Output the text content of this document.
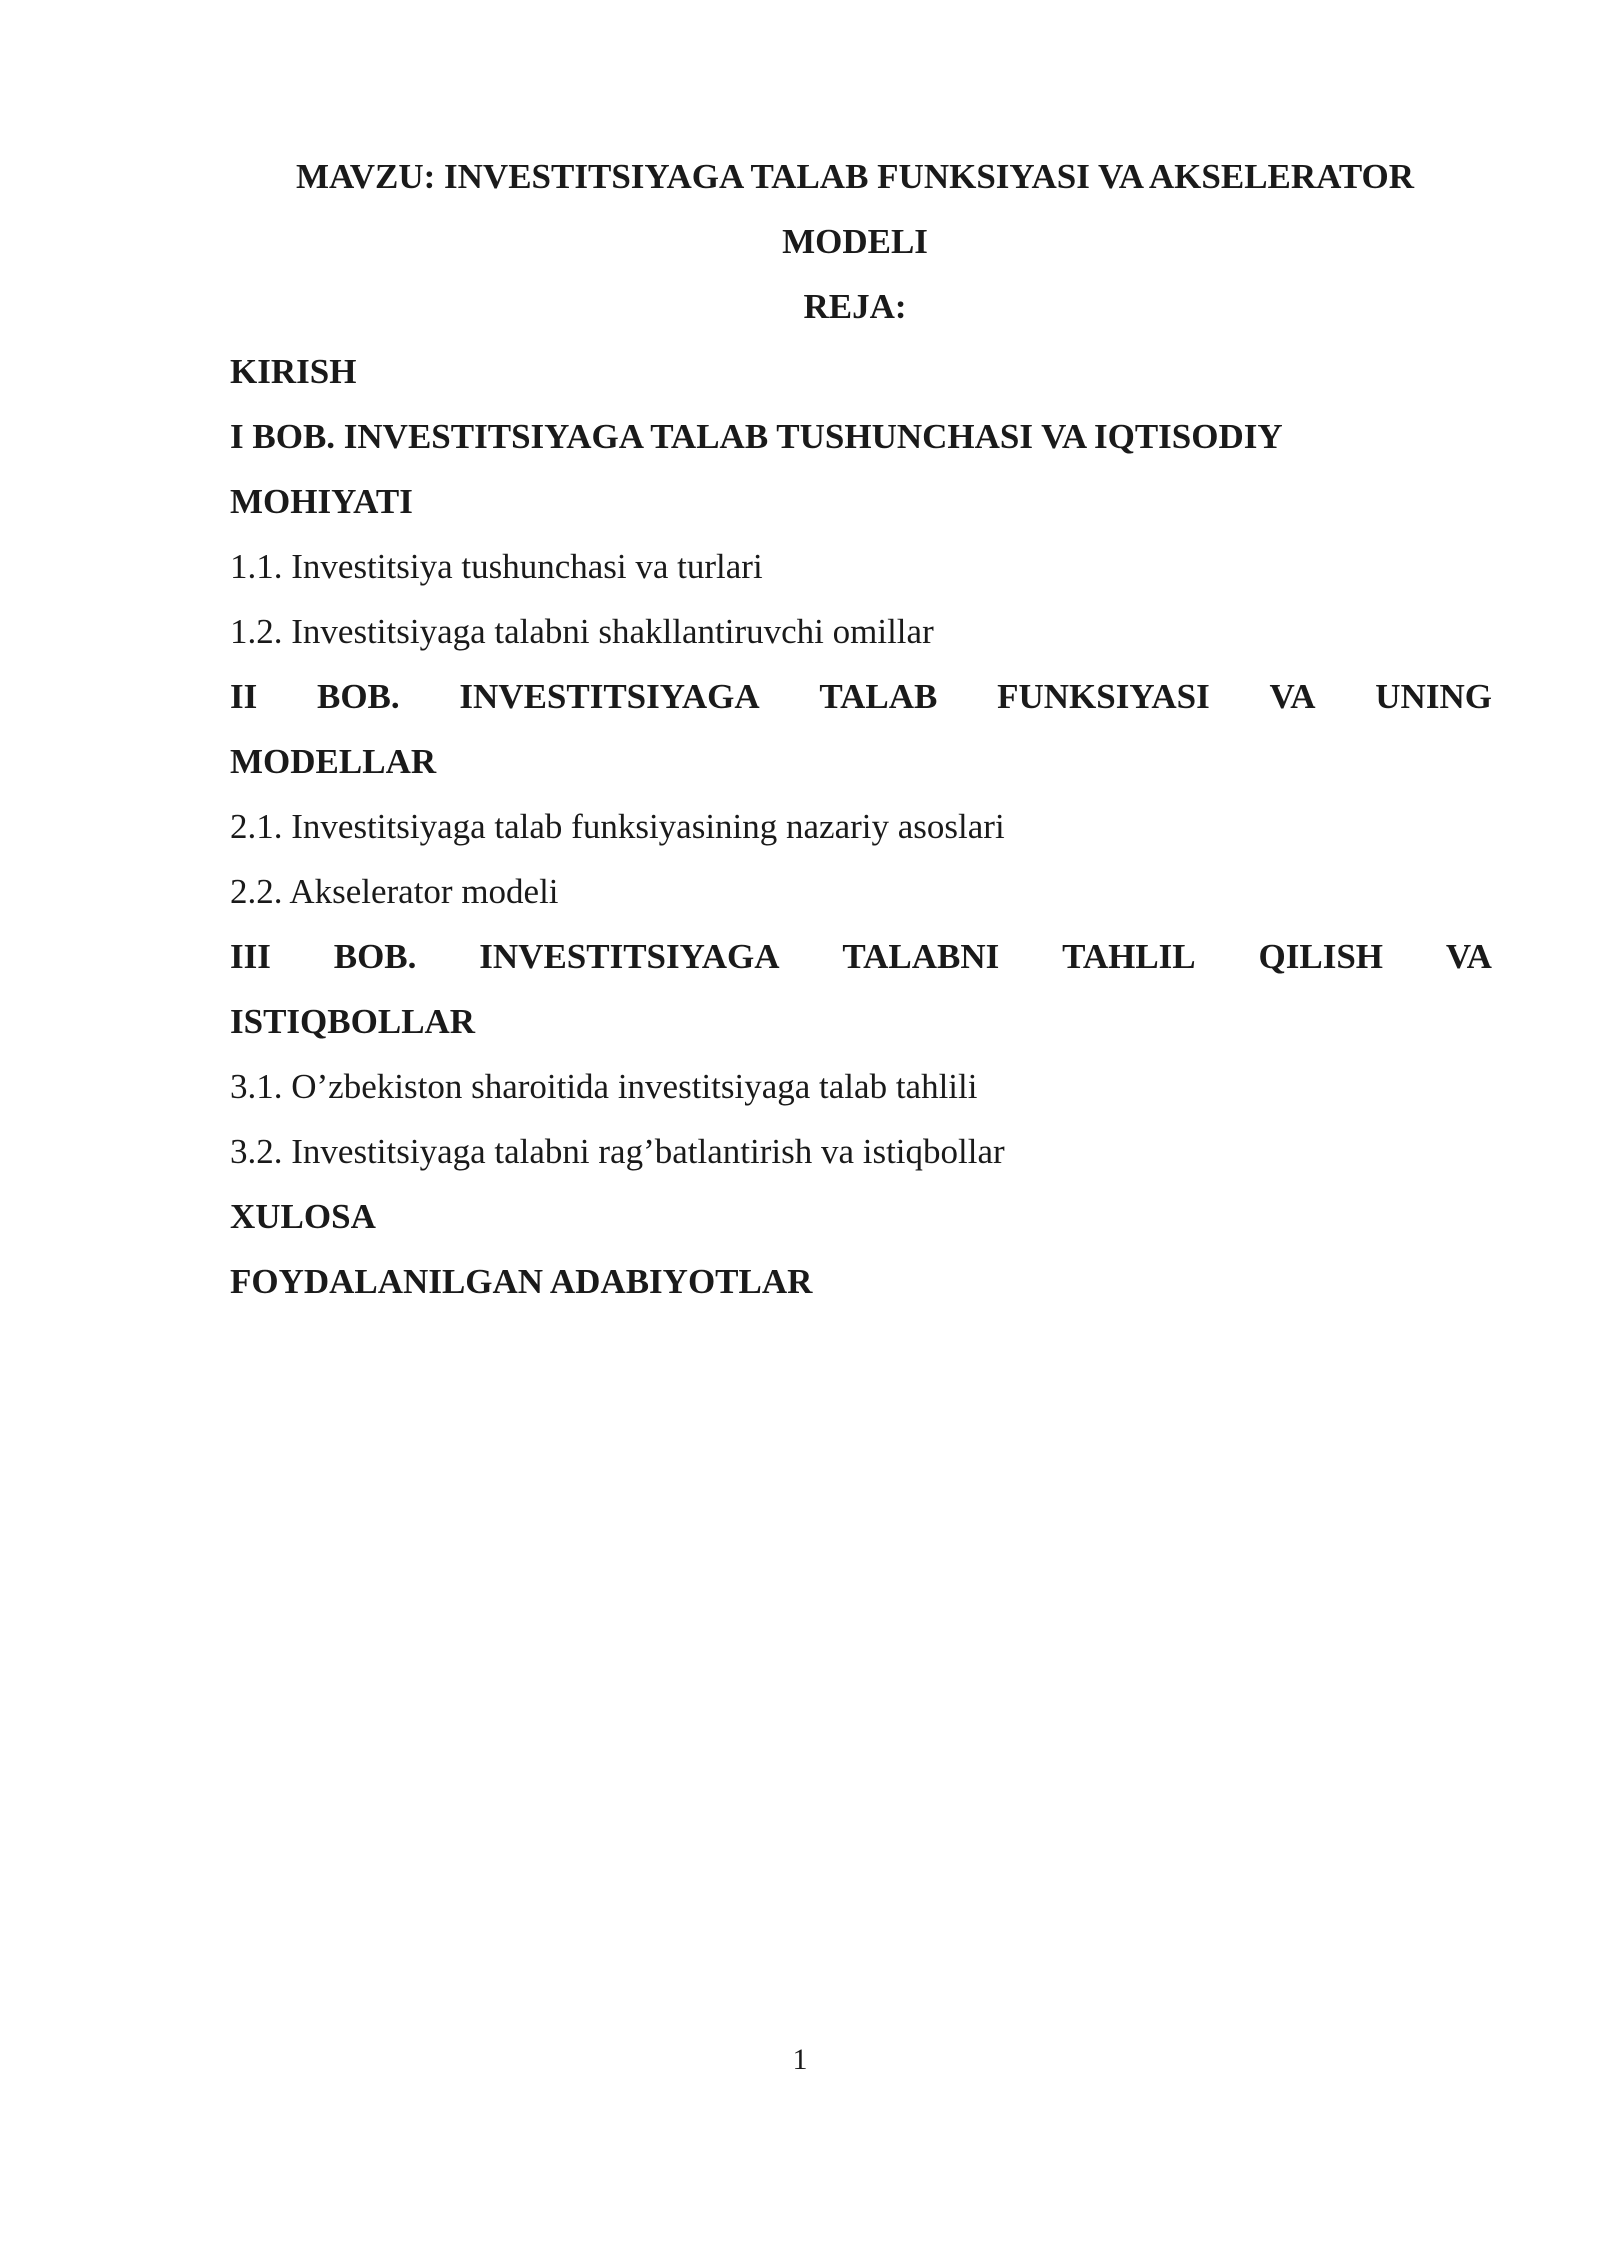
MAVZU: INVESTITSIYAGA TALAB FUNKSIYASI VA AKSELERATOR
MODELI
REJA:
KIRISH
I BOB. INVESTITSIYAGA TALAB TUSHUNCHASI VA IQTISODIY
MOHIYATI
1.1. Investitsiya tushunchasi va turlari
1.2. Investitsiyaga talabni shakllantiruvchi omillar
II BOB. INVESTITSIYAGA TALAB FUNKSIYASI VA UNING
MODELLAR
2.1. Investitsiyaga talab funksiyasining nazariy asoslari
2.2. Akselerator modeli
III BOB. INVESTITSIYAGA TALABNI TAHLIL QILISH VA
ISTIQBOLLAR
3.1. O’zbekiston sharoitida investitsiyaga talab tahlili
3.2. Investitsiyaga talabni rag’batlantirish va istiqbollar
XULOSA
FOYDALANILGAN ADABIYOTLAR
1
